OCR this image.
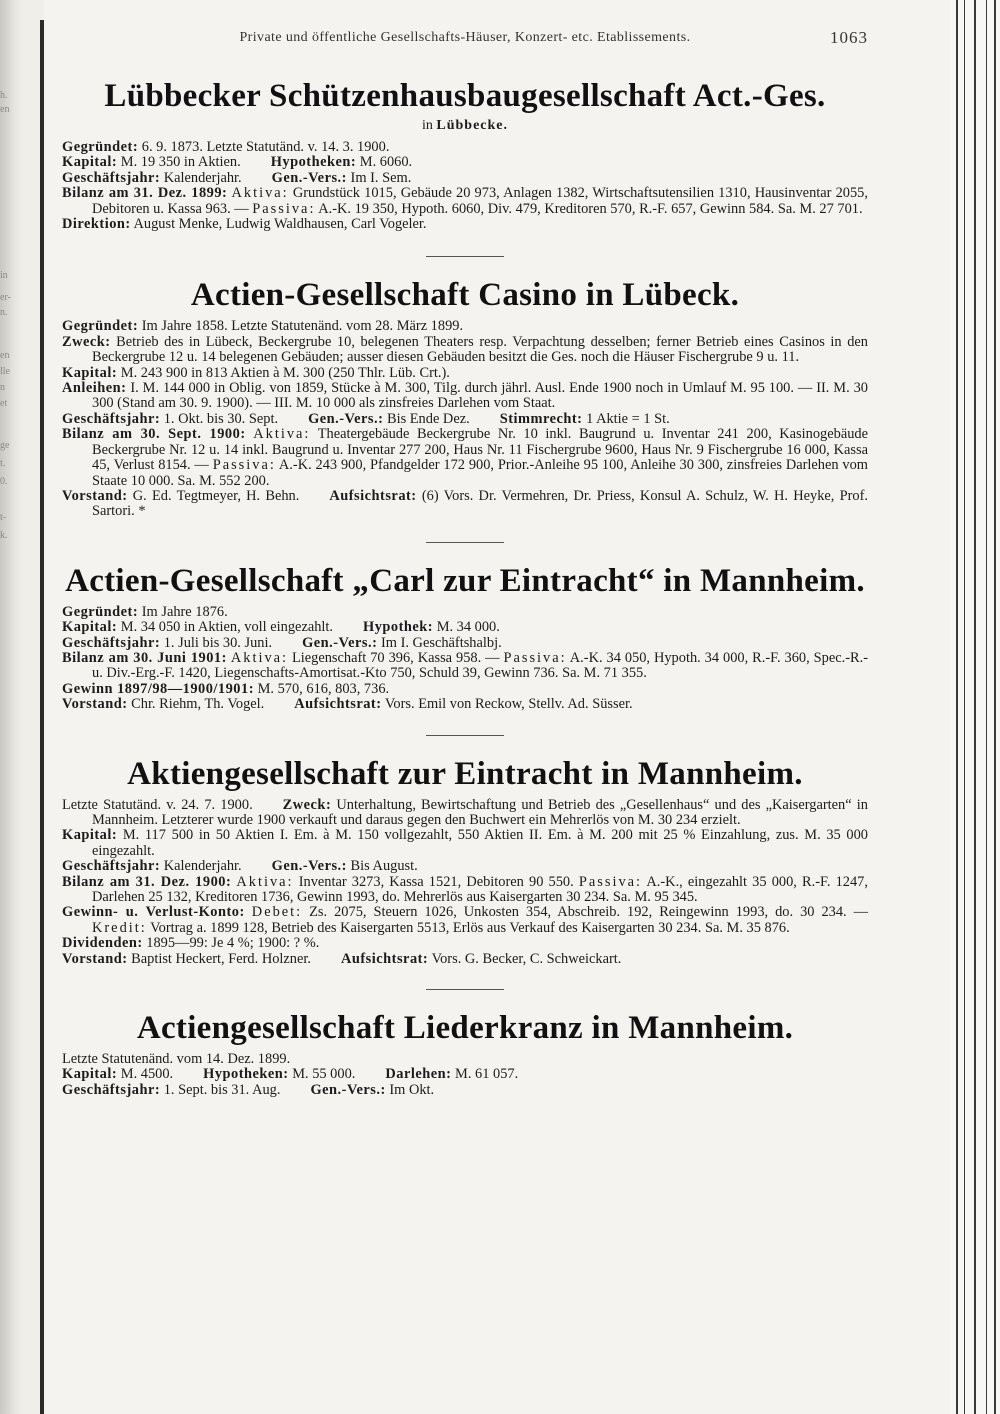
h.
en
in
er-
n.
en
lle
n
et
ge
t.
0.
t-
k.
Private und öffentliche Gesellschafts-Häuser, Konzert- etc. Etablissements.	1063
Lübbecker Schützenhausbaugesellschaft Act.-Ges.
in Lübbecke.

Gegründet: 6. 9. 1873. Letzte Statutänd. v. 14. 3. 1900.

Kapital: M. 19 350 in Aktien. Hypotheken: M. 6060.

Geschäftsjahr: Kalenderjahr. Gen.-Vers.: Im I. Sem.

Bilanz am 31. Dez. 1899: Aktiva: Grundstück 1015, Gebäude 20 973, Anlagen 1382, Wirtschaftsutensilien 1310, Hausinventar 2055, Debitoren u. Kassa 963. — Passiva: A.-K. 19 350, Hypoth. 6060, Div. 479, Kreditoren 570, R.-F. 657, Gewinn 584. Sa. M. 27 701.

Direktion: August Menke, Ludwig Waldhausen, Carl Vogeler.

Actien-Gesellschaft Casino in Lübeck.

Gegründet: Im Jahre 1858. Letzte Statutenänd. vom 28. März 1899.

Zweck: Betrieb des in Lübeck, Beckergrube 10, belegenen Theaters resp. Verpachtung desselben; ferner Betrieb eines Casinos in den Beckergrube 12 u. 14 belegenen Gebäuden; ausser diesen Gebäuden besitzt die Ges. noch die Häuser Fischergrube 9 u. 11.

Kapital: M. 243 900 in 813 Aktien à M. 300 (250 Thlr. Lüb. Crt.).

Anleihen: I. M. 144 000 in Oblig. von 1859, Stücke à M. 300, Tilg. durch jährl. Ausl. Ende 1900 noch in Umlauf M. 95 100. — II. M. 30 300 (Stand am 30. 9. 1900). — III. M. 10 000 als zinsfreies Darlehen vom Staat.

Geschäftsjahr: 1. Okt. bis 30. Sept. Gen.-Vers.: Bis Ende Dez. Stimmrecht: 1 Aktie = 1 St.

Bilanz am 30. Sept. 1900: Aktiva: Theatergebäude Beckergrube Nr. 10 inkl. Baugrund u. Inventar 241 200, Kasinogebäude Beckergrube Nr. 12 u. 14 inkl. Baugrund u. Inventar 277 200, Haus Nr. 11 Fischergrube 9600, Haus Nr. 9 Fischergrube 16 000, Kassa 45, Verlust 8154. — Passiva: A.-K. 243 900, Pfandgelder 172 900, Prior.-Anleihe 95 100, Anleihe 30 300, zinsfreies Darlehen vom Staate 10 000. Sa. M. 552 200.

Vorstand: G. Ed. Tegtmeyer, H. Behn. Aufsichtsrat: (6) Vors. Dr. Vermehren, Dr. Priess, Konsul A. Schulz, W. H. Heyke, Prof. Sartori. *

Actien-Gesellschaft „Carl zur Eintracht“ in Mannheim.

Gegründet: Im Jahre 1876.

Kapital: M. 34 050 in Aktien, voll eingezahlt. Hypothek: M. 34 000.

Geschäftsjahr: 1. Juli bis 30. Juni. Gen.-Vers.: Im I. Geschäftshalbj.

Bilanz am 30. Juni 1901: Aktiva: Liegenschaft 70 396, Kassa 958. — Passiva: A.-K. 34 050, Hypoth. 34 000, R.-F. 360, Spec.-R.- u. Div.-Erg.-F. 1420, Liegenschafts-Amortisat.-Kto 750, Schuld 39, Gewinn 736. Sa. M. 71 355.

Gewinn 1897/98—1900/1901: M. 570, 616, 803, 736.

Vorstand: Chr. Riehm, Th. Vogel. Aufsichtsrat: Vors. Emil von Reckow, Stellv. Ad. Süsser.

Aktiengesellschaft zur Eintracht in Mannheim.

Letzte Statutänd. v. 24. 7. 1900. Zweck: Unterhaltung, Bewirtschaftung und Betrieb des „Gesellenhaus“ und des „Kaisergarten“ in Mannheim. Letzterer wurde 1900 verkauft und daraus gegen den Buchwert ein Mehrerlös von M. 30 234 erzielt.

Kapital: M. 117 500 in 50 Aktien I. Em. à M. 150 vollgezahlt, 550 Aktien II. Em. à M. 200 mit 25 % Einzahlung, zus. M. 35 000 eingezahlt.

Geschäftsjahr: Kalenderjahr. Gen.-Vers.: Bis August.

Bilanz am 31. Dez. 1900: Aktiva: Inventar 3273, Kassa 1521, Debitoren 90 550. Passiva: A.-K., eingezahlt 35 000, R.-F. 1247, Darlehen 25 132, Kreditoren 1736, Gewinn 1993, do. Mehrerlös aus Kaisergarten 30 234. Sa. M. 95 345.

Gewinn- u. Verlust-Konto: Debet: Zs. 2075, Steuern 1026, Unkosten 354, Abschreib. 192, Reingewinn 1993, do. 30 234. — Kredit: Vortrag a. 1899 128, Betrieb des Kaisergarten 5513, Erlös aus Verkauf des Kaisergarten 30 234. Sa. M. 35 876.

Dividenden: 1895—99: Je 4 %; 1900: ? %.

Vorstand: Baptist Heckert, Ferd. Holzner. Aufsichtsrat: Vors. G. Becker, C. Schweickart.

Actiengesellschaft Liederkranz in Mannheim.

Letzte Statutenänd. vom 14. Dez. 1899.

Kapital: M. 4500. Hypotheken: M. 55 000. Darlehen: M. 61 057.

Geschäftsjahr: 1. Sept. bis 31. Aug. Gen.-Vers.: Im Okt.
